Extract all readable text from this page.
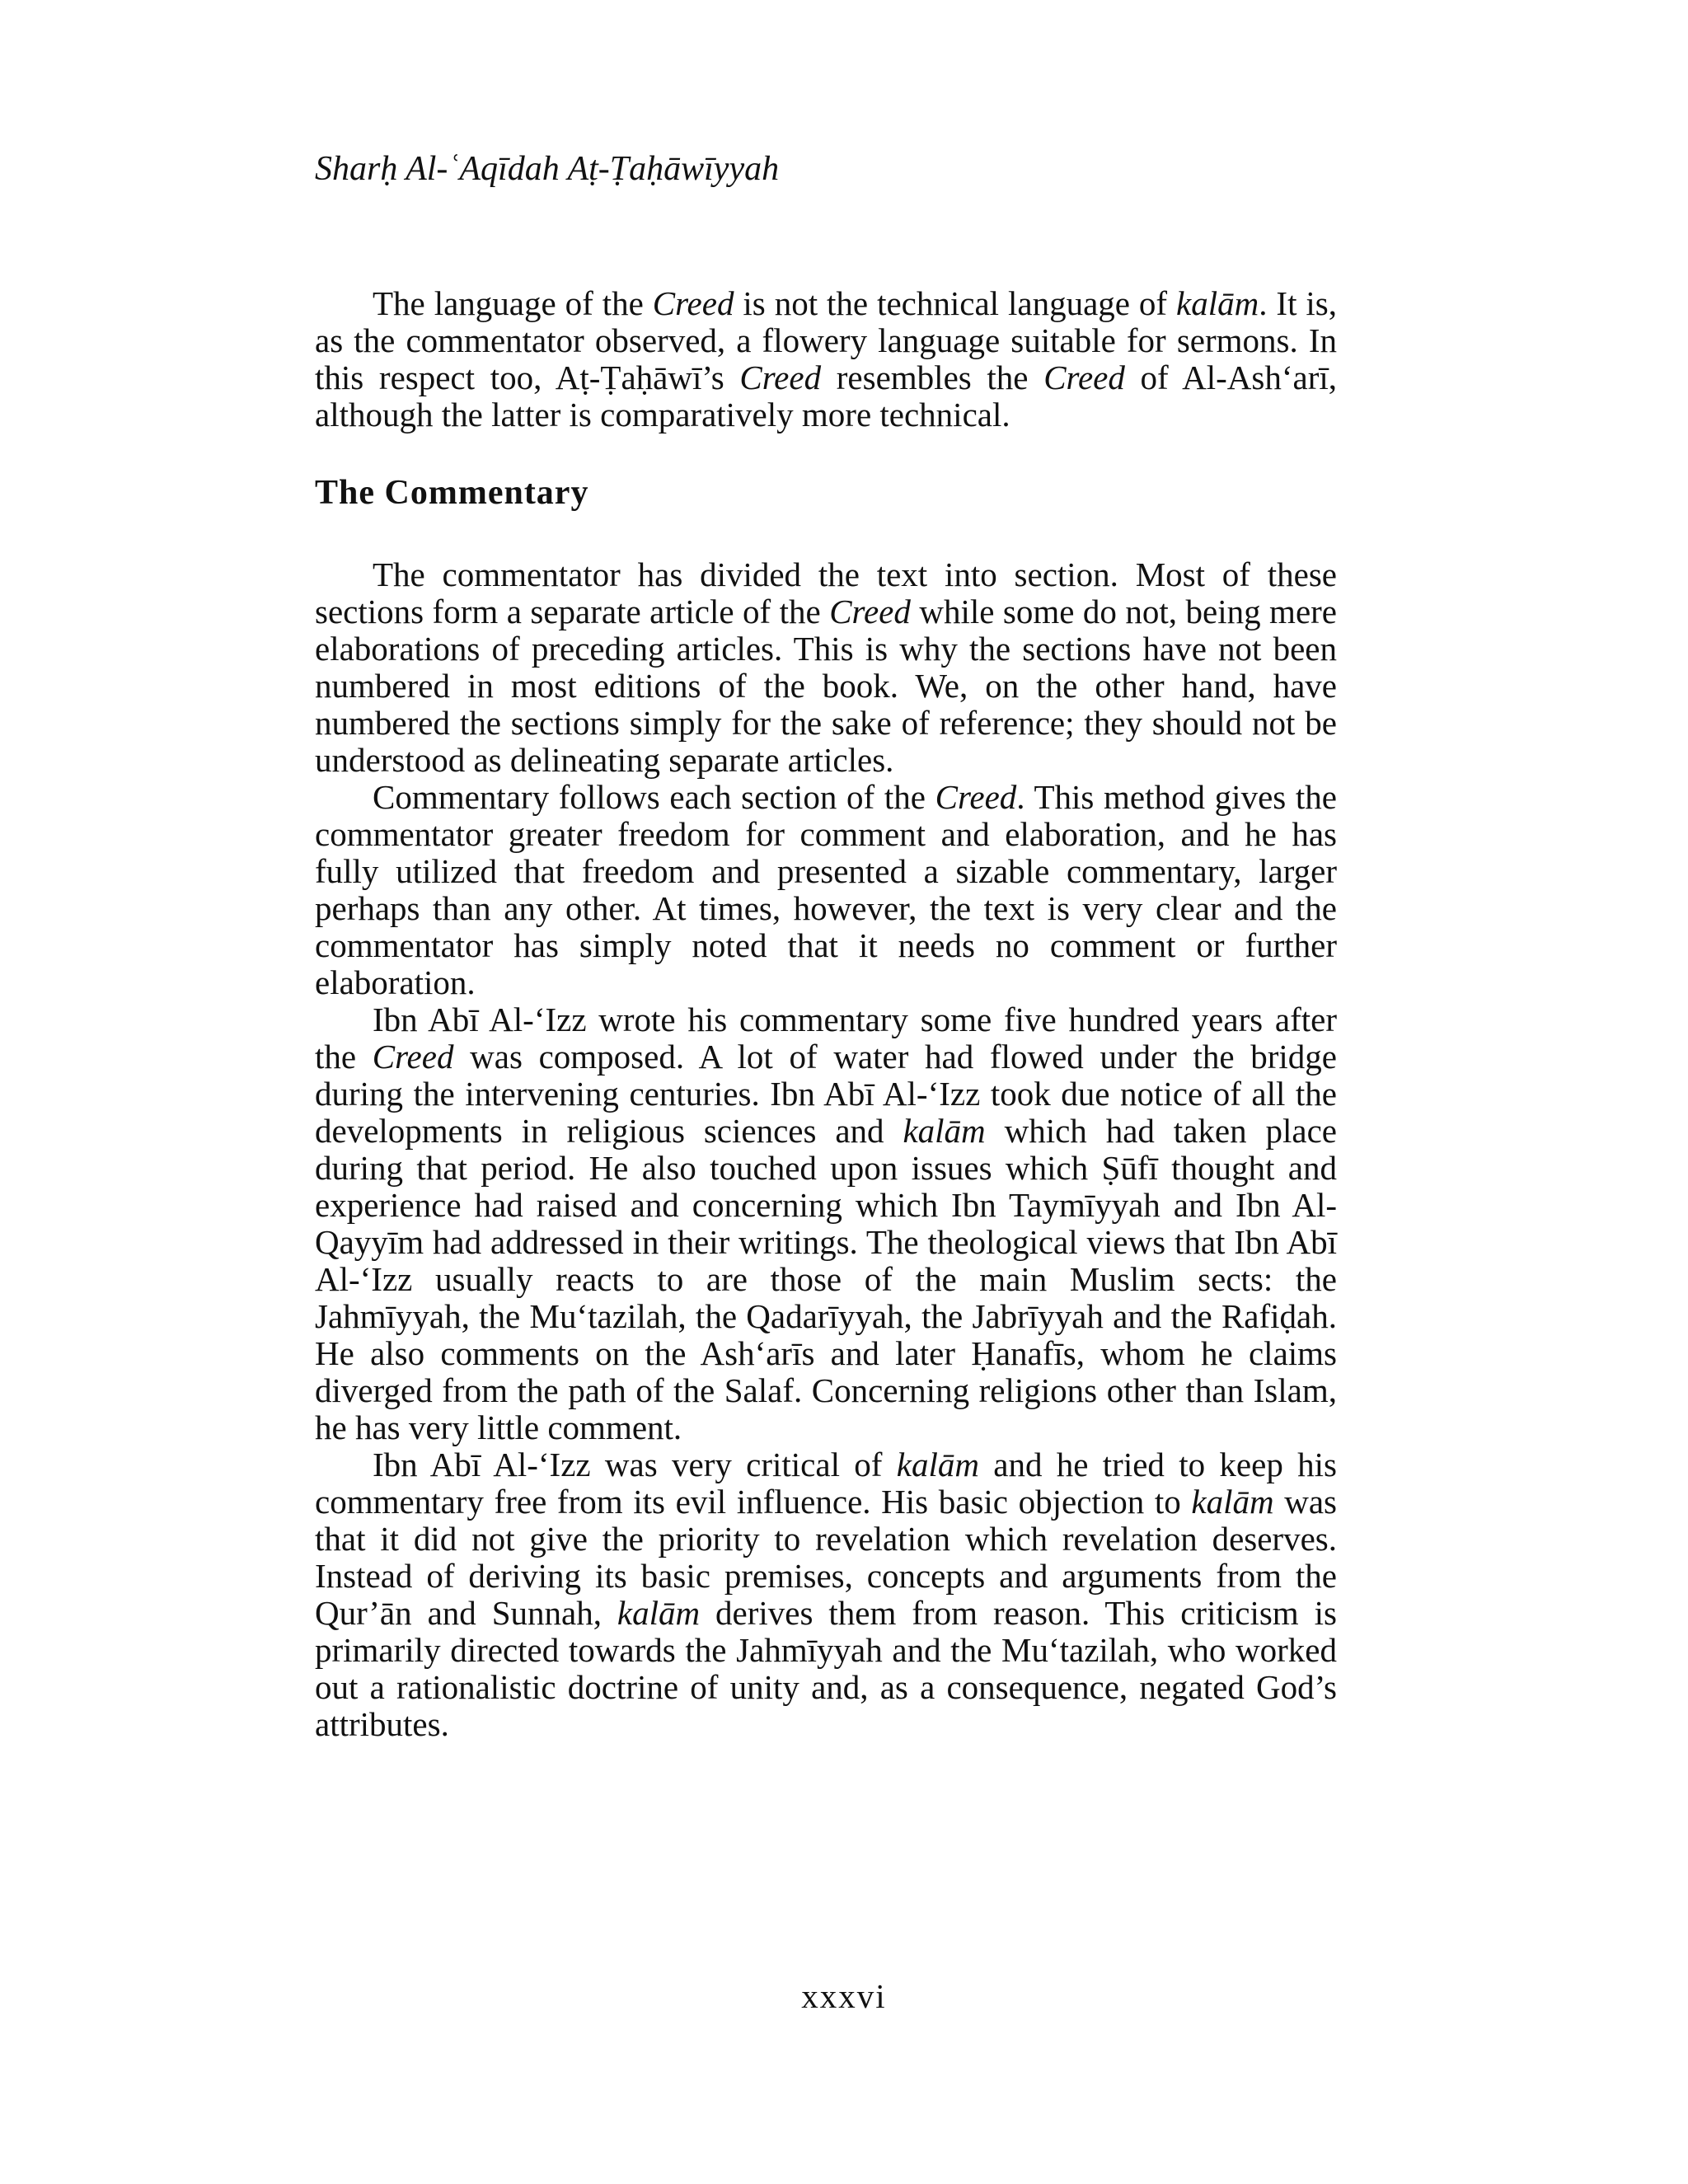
Sharḥ Al-ʿAqīdah Aṭ-Ṭaḥāwīyyah

The language of the Creed is not the technical language of kalām. It is, as the commentator observed, a flowery language suitable for sermons. In this respect too, Aṭ-Ṭaḥāwī’s Creed resembles the Creed of Al-Ash‘arī, although the latter is comparatively more technical.

The Commentary

The commentator has divided the text into section. Most of these sections form a separate article of the Creed while some do not, being mere elaborations of preceding articles. This is why the sections have not been numbered in most editions of the book. We, on the other hand, have numbered the sections simply for the sake of reference; they should not be understood as delineating separate articles.

Commentary follows each section of the Creed. This method gives the commentator greater freedom for comment and elaboration, and he has fully utilized that freedom and presented a sizable commentary, larger perhaps than any other. At times, however, the text is very clear and the commentator has simply noted that it needs no comment or further elaboration.

Ibn Abī Al-‘Izz wrote his commentary some five hundred years after the Creed was composed. A lot of water had flowed under the bridge during the intervening centuries. Ibn Abī Al-‘Izz took due notice of all the developments in religious sciences and kalām which had taken place during that period. He also touched upon issues which Ṣūfī thought and experience had raised and concerning which Ibn Taymīyyah and Ibn Al-Qayyīm had addressed in their writings. The theological views that Ibn Abī Al-‘Izz usually reacts to are those of the main Muslim sects: the Jahmīyyah, the Mu‘tazilah, the Qadarīyyah, the Jabrīyyah and the Rafiḍah. He also comments on the Ash‘arīs and later Ḥanafīs, whom he claims diverged from the path of the Salaf. Concerning religions other than Islam, he has very little comment.

Ibn Abī Al-‘Izz was very critical of kalām and he tried to keep his commentary free from its evil influence. His basic objection to kalām was that it did not give the priority to revelation which revelation deserves. Instead of deriving its basic premises, concepts and arguments from the Qur’ān and Sunnah, kalām derives them from reason. This criticism is primarily directed towards the Jahmīyyah and the Mu‘tazilah, who worked out a rationalistic doctrine of unity and, as a consequence, negated God’s attributes.

xxxvi
